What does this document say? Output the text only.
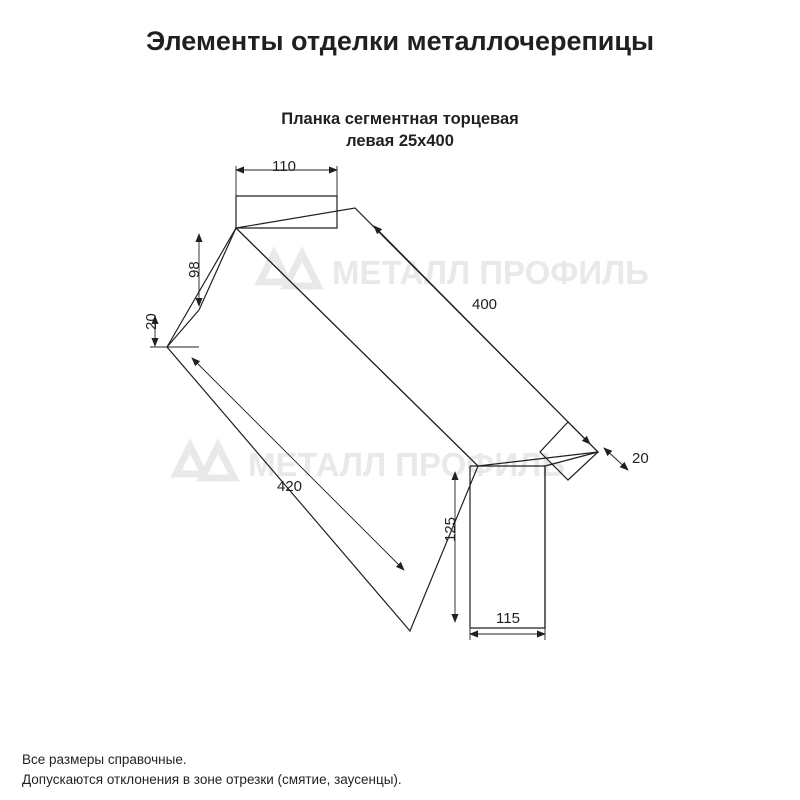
Элементы отделки металлочерепицы
Планка сегментная торцевая
левая 25х400
МЕТАЛЛ ПРОФИЛЬ
МЕТАЛЛ ПРОФИЛЬ
110
98
20
400
420
20
125
115
Все размеры справочные.
Допускаются отклонения в зоне отрезки (смятие, заусенцы).
